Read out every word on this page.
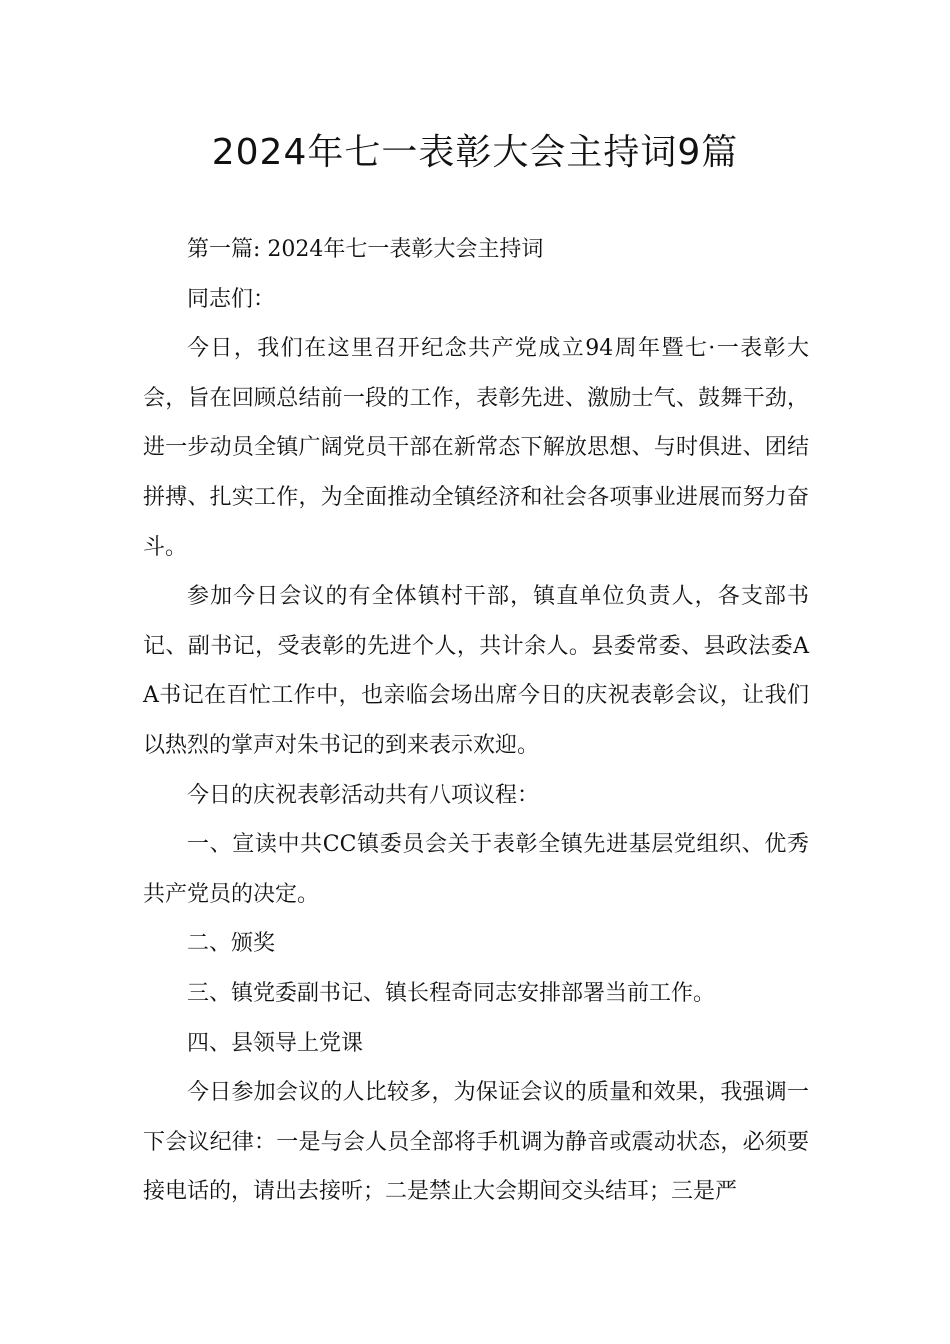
2024年七一表彰大会主持词9篇

第一篇: 2024年七一表彰大会主持词

同志们：

今日，我们在这里召开纪念共产党成立94周年暨七·一表彰大会，旨在回顾总结前一段的工作，表彰先进、激励士气、鼓舞干劲，进一步动员全镇广阔党员干部在新常态下解放思想、与时俱进、团结拼搏、扎实工作，为全面推动全镇经济和社会各项事业进展而努力奋斗。

参加今日会议的有全体镇村干部，镇直单位负责人，各支部书记、副书记，受表彰的先进个人，共计余人。县委常委、县政法委AA书记在百忙工作中，也亲临会场出席今日的庆祝表彰会议，让我们以热烈的掌声对朱书记的到来表示欢迎。

今日的庆祝表彰活动共有八项议程：

一、宣读中共CC镇委员会关于表彰全镇先进基层党组织、优秀共产党员的决定。

二、颁奖

三、镇党委副书记、镇长程奇同志安排部署当前工作。

四、县领导上党课

今日参加会议的人比较多，为保证会议的质量和效果，我强调一下会议纪律：一是与会人员全部将手机调为静音或震动状态，必须要接电话的，请出去接听；二是禁止大会期间交头结耳；三是严
